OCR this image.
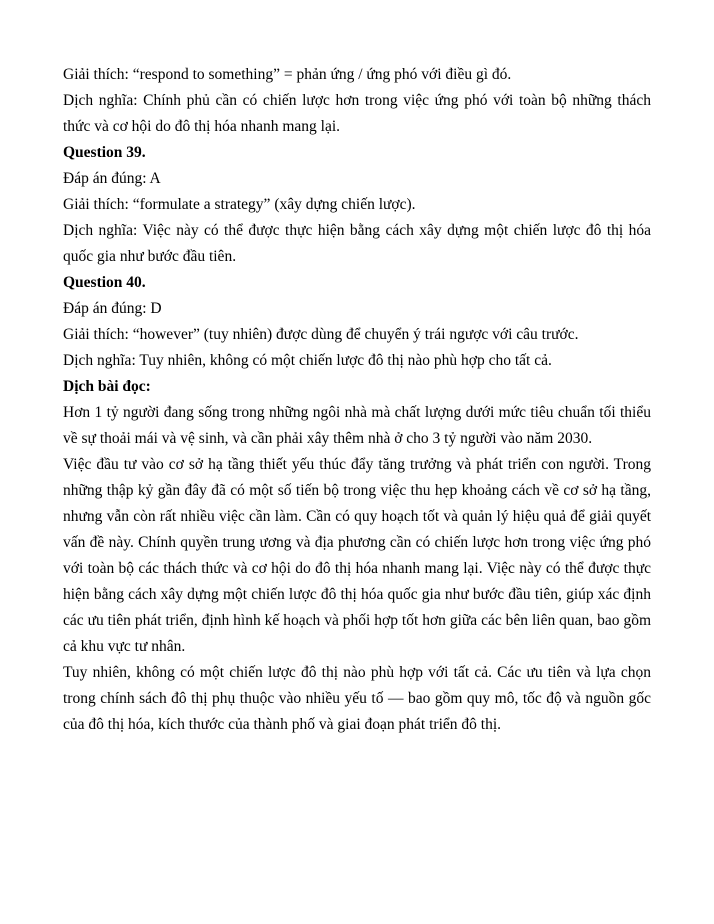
Giải thích: “respond to something” = phản ứng / ứng phó với điều gì đó.

Dịch nghĩa: Chính phủ cần có chiến lược hơn trong việc ứng phó với toàn bộ những thách thức và cơ hội do đô thị hóa nhanh mang lại.

Question 39.

Đáp án đúng: A

Giải thích: “formulate a strategy” (xây dựng chiến lược).

Dịch nghĩa: Việc này có thể được thực hiện bằng cách xây dựng một chiến lược đô thị hóa quốc gia như bước đầu tiên.

Question 40.

Đáp án đúng: D

Giải thích: “however” (tuy nhiên) được dùng để chuyển ý trái ngược với câu trước.

Dịch nghĩa: Tuy nhiên, không có một chiến lược đô thị nào phù hợp cho tất cả.

Dịch bài đọc:

Hơn 1 tỷ người đang sống trong những ngôi nhà mà chất lượng dưới mức tiêu chuẩn tối thiểu về sự thoải mái và vệ sinh, và cần phải xây thêm nhà ở cho 3 tỷ người vào năm 2030.

Việc đầu tư vào cơ sở hạ tầng thiết yếu thúc đẩy tăng trưởng và phát triển con người. Trong những thập kỷ gần đây đã có một số tiến bộ trong việc thu hẹp khoảng cách về cơ sở hạ tầng, nhưng vẫn còn rất nhiều việc cần làm. Cần có quy hoạch tốt và quản lý hiệu quả để giải quyết vấn đề này. Chính quyền trung ương và địa phương cần có chiến lược hơn trong việc ứng phó với toàn bộ các thách thức và cơ hội do đô thị hóa nhanh mang lại. Việc này có thể được thực hiện bằng cách xây dựng một chiến lược đô thị hóa quốc gia như bước đầu tiên, giúp xác định các ưu tiên phát triển, định hình kế hoạch và phối hợp tốt hơn giữa các bên liên quan, bao gồm cả khu vực tư nhân.

Tuy nhiên, không có một chiến lược đô thị nào phù hợp với tất cả. Các ưu tiên và lựa chọn trong chính sách đô thị phụ thuộc vào nhiều yếu tố — bao gồm quy mô, tốc độ và nguồn gốc của đô thị hóa, kích thước của thành phố và giai đoạn phát triển đô thị.
